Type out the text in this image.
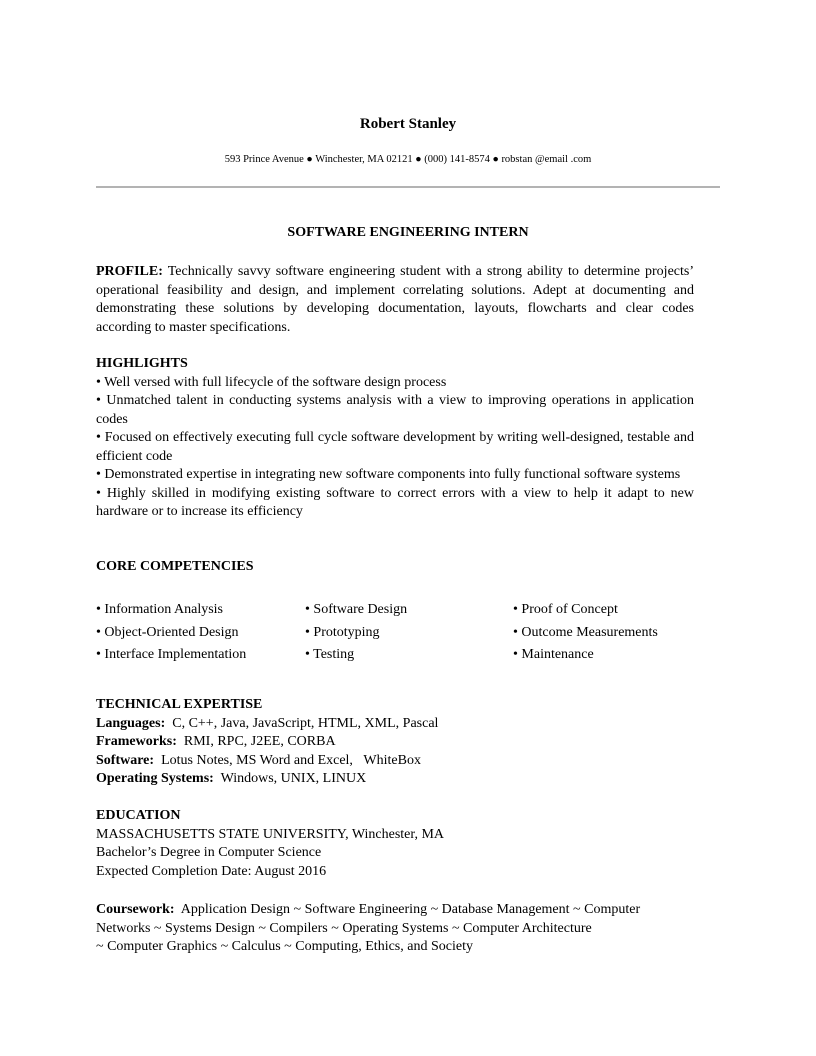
Robert Stanley
593 Prince Avenue ● Winchester, MA 02121 ● (000) 141-8574 ● robstan @email .com
SOFTWARE ENGINEERING INTERN
PROFILE: Technically savvy software engineering student with a strong ability to determine projects’ operational feasibility and design, and implement correlating solutions. Adept at documenting and demonstrating these solutions by developing documentation, layouts, flowcharts and clear codes according to master specifications.
HIGHLIGHTS
• Well versed with full lifecycle of the software design process
• Unmatched talent in conducting systems analysis with a view to improving operations in application codes
• Focused on effectively executing full cycle software development by writing well-designed, testable and efficient code
• Demonstrated expertise in integrating new software components into fully functional software systems
• Highly skilled in modifying existing software to correct errors with a view to help it adapt to new hardware or to increase its efficiency
CORE COMPETENCIES
• Information Analysis
• Object-Oriented Design
• Interface Implementation
• Software Design
• Prototyping
• Testing
• Proof of Concept
• Outcome Measurements
• Maintenance
TECHNICAL EXPERTISE
Languages: C, C++, Java, JavaScript, HTML, XML, Pascal
Frameworks: RMI, RPC, J2EE, CORBA
Software: Lotus Notes, MS Word and Excel,   WhiteBox
Operating Systems: Windows, UNIX, LINUX
EDUCATION
MASSACHUSETTS STATE UNIVERSITY, Winchester, MA
Bachelor’s Degree in Computer Science
Expected Completion Date: August 2016
Coursework: Application Design ~ Software Engineering ~ Database Management ~ Computer
Networks ~ Systems Design ~ Compilers ~ Operating Systems ~ Computer Architecture
~ Computer Graphics ~ Calculus ~ Computing, Ethics, and Society
